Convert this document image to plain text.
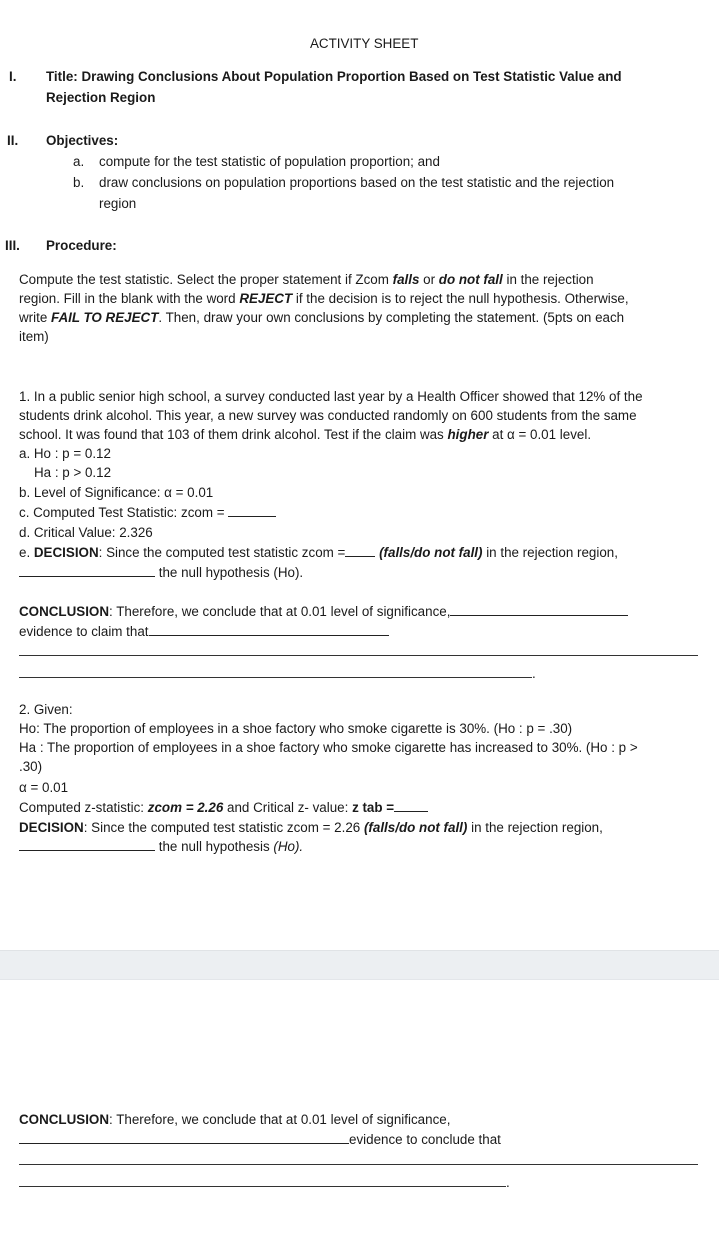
ACTIVITY SHEET
I. Title: Drawing Conclusions About Population Proportion Based on Test Statistic Value and
Rejection Region
II. Objectives:
a. compute for the test statistic of population proportion; and
b. draw conclusions on population proportions based on the test statistic and the rejection
region
III. Procedure:
Compute the test statistic. Select the proper statement if Zcom falls or do not fall in the rejection
region. Fill in the blank with the word REJECT if the decision is to reject the null hypothesis. Otherwise,
write FAIL TO REJECT. Then, draw your own conclusions by completing the statement. (5pts on each
item)
1. In a public senior high school, a survey conducted last year by a Health Officer showed that 12% of the
students drink alcohol. This year, a new survey was conducted randomly on 600 students from the same
school. It was found that 103 of them drink alcohol. Test if the claim was higher at α = 0.01 level.
a. Ho : p = 0.12
Ha : p > 0.12
b. Level of Significance: α = 0.01
c. Computed Test Statistic: zcom =
d. Critical Value: 2.326
e. DECISION: Since the computed test statistic zcom = (falls/do not fall) in the rejection region,
the null hypothesis (Ho).
CONCLUSION: Therefore, we conclude that at 0.01 level of significance,
evidence to claim that
.
2. Given:
Ho: The proportion of employees in a shoe factory who smoke cigarette is 30%. (Ho : p = .30)
Ha : The proportion of employees in a shoe factory who smoke cigarette has increased to 30%. (Ho : p >
.30)
α = 0.01
Computed z-statistic: zcom = 2.26 and Critical z- value: z tab =
DECISION: Since the computed test statistic zcom = 2.26 (falls/do not fall) in the rejection region,
the null hypothesis (Ho).
CONCLUSION: Therefore, we conclude that at 0.01 level of significance,
evidence to conclude that
.
